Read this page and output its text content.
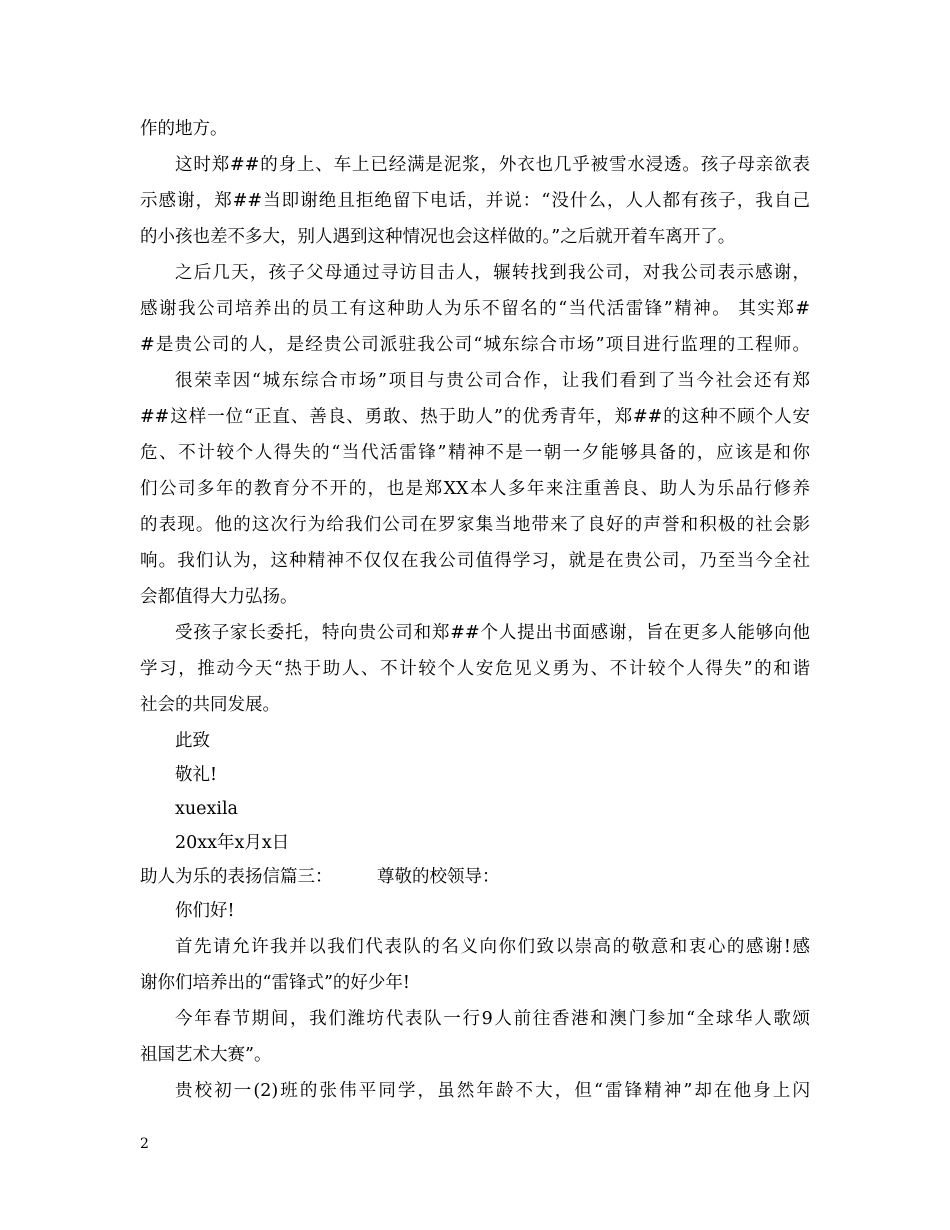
作的地方。
这时郑##的身上、车上已经满是泥浆，外衣也几乎被雪水浸透。孩子母亲欲表
示感谢，郑##当即谢绝且拒绝留下电话，并说：“没什么，人人都有孩子，我自己
的小孩也差不多大，别人遇到这种情况也会这样做的。”之后就开着车离开了。
之后几天，孩子父母通过寻访目击人，辗转找到我公司，对我公司表示感谢，
感谢我公司培养出的员工有这种助人为乐不留名的“当代活雷锋”精神。 其实郑#
#是贵公司的人，是经贵公司派驻我公司“城东综合市场”项目进行监理的工程师。
很荣幸因“城东综合市场”项目与贵公司合作，让我们看到了当今社会还有郑
##这样一位“正直、善良、勇敢、热于助人”的优秀青年，郑##的这种不顾个人安
危、不计较个人得失的“当代活雷锋”精神不是一朝一夕能够具备的，应该是和你
们公司多年的教育分不开的，也是郑XX本人多年来注重善良、助人为乐品行修养
的表现。他的这次行为给我们公司在罗家集当地带来了良好的声誉和积极的社会影
响。我们认为，这种精神不仅仅在我公司值得学习，就是在贵公司，乃至当今全社
会都值得大力弘扬。
受孩子家长委托，特向贵公司和郑##个人提出书面感谢，旨在更多人能够向他
学习，推动今天“热于助人、不计较个人安危见义勇为、不计较个人得失”的和谐
社会的共同发展。
此致
敬礼!
xuexila
20xx年x月x日
助人为乐的表扬信篇三：        尊敬的校领导：
你们好!
首先请允许我并以我们代表队的名义向你们致以崇高的敬意和衷心的感谢!感
谢你们培养出的“雷锋式”的好少年!
今年春节期间，我们潍坊代表队一行9人前往香港和澳门参加“全球华人歌颂
祖国艺术大赛”。
贵校初一(2)班的张伟平同学，虽然年龄不大，但“雷锋精神”却在他身上闪
2
